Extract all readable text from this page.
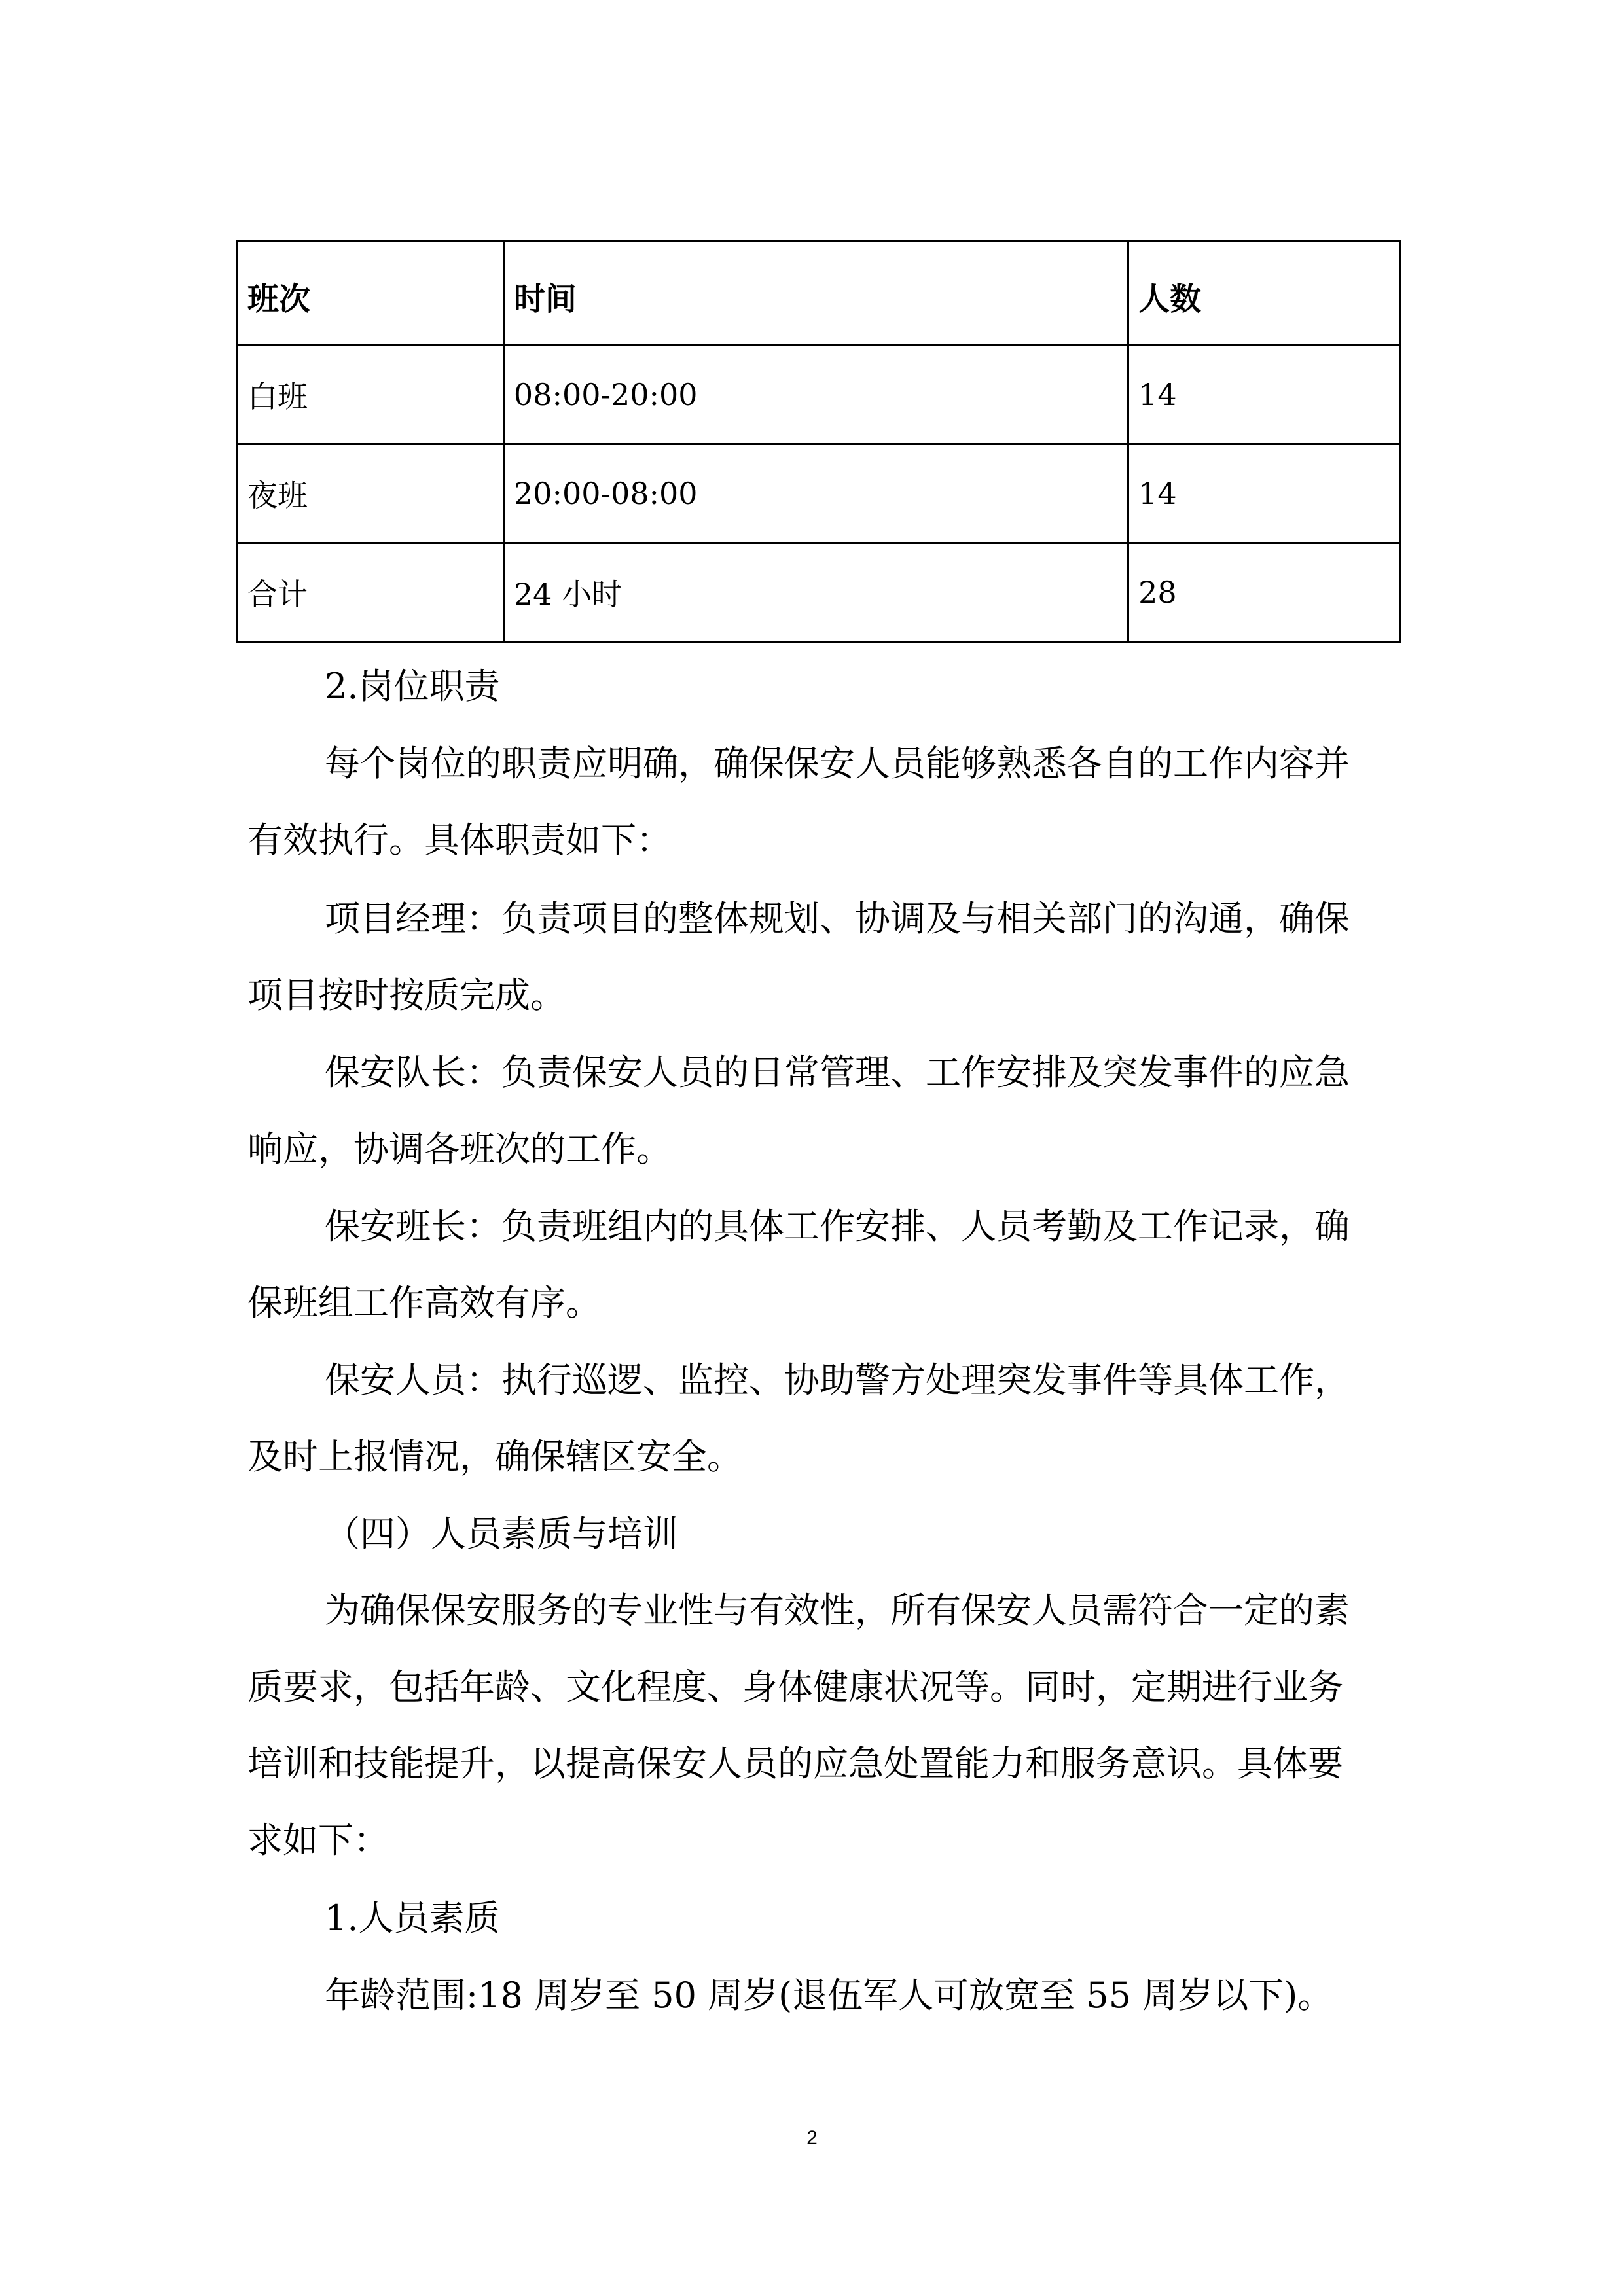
班次	时间	人数
白班	08:00-20:00	14
夜班	20:00-08:00	14
合计	24 小时	28

2.岗位职责

每个岗位的职责应明确，确保保安人员能够熟悉各自的工作内容并有效执行。具体职责如下：

项目经理：负责项目的整体规划、协调及与相关部门的沟通，确保项目按时按质完成。

保安队长：负责保安人员的日常管理、工作安排及突发事件的应急响应，协调各班次的工作。

保安班长：负责班组内的具体工作安排、人员考勤及工作记录，确保班组工作高效有序。

保安人员：执行巡逻、监控、协助警方处理突发事件等具体工作，及时上报情况，确保辖区安全。

（四）人员素质与培训

为确保保安服务的专业性与有效性，所有保安人员需符合一定的素质要求，包括年龄、文化程度、身体健康状况等。同时，定期进行业务培训和技能提升，以提高保安人员的应急处置能力和服务意识。具体要求如下：

1.人员素质

年龄范围:18 周岁至 50 周岁(退伍军人可放宽至 55 周岁以下)。

2
